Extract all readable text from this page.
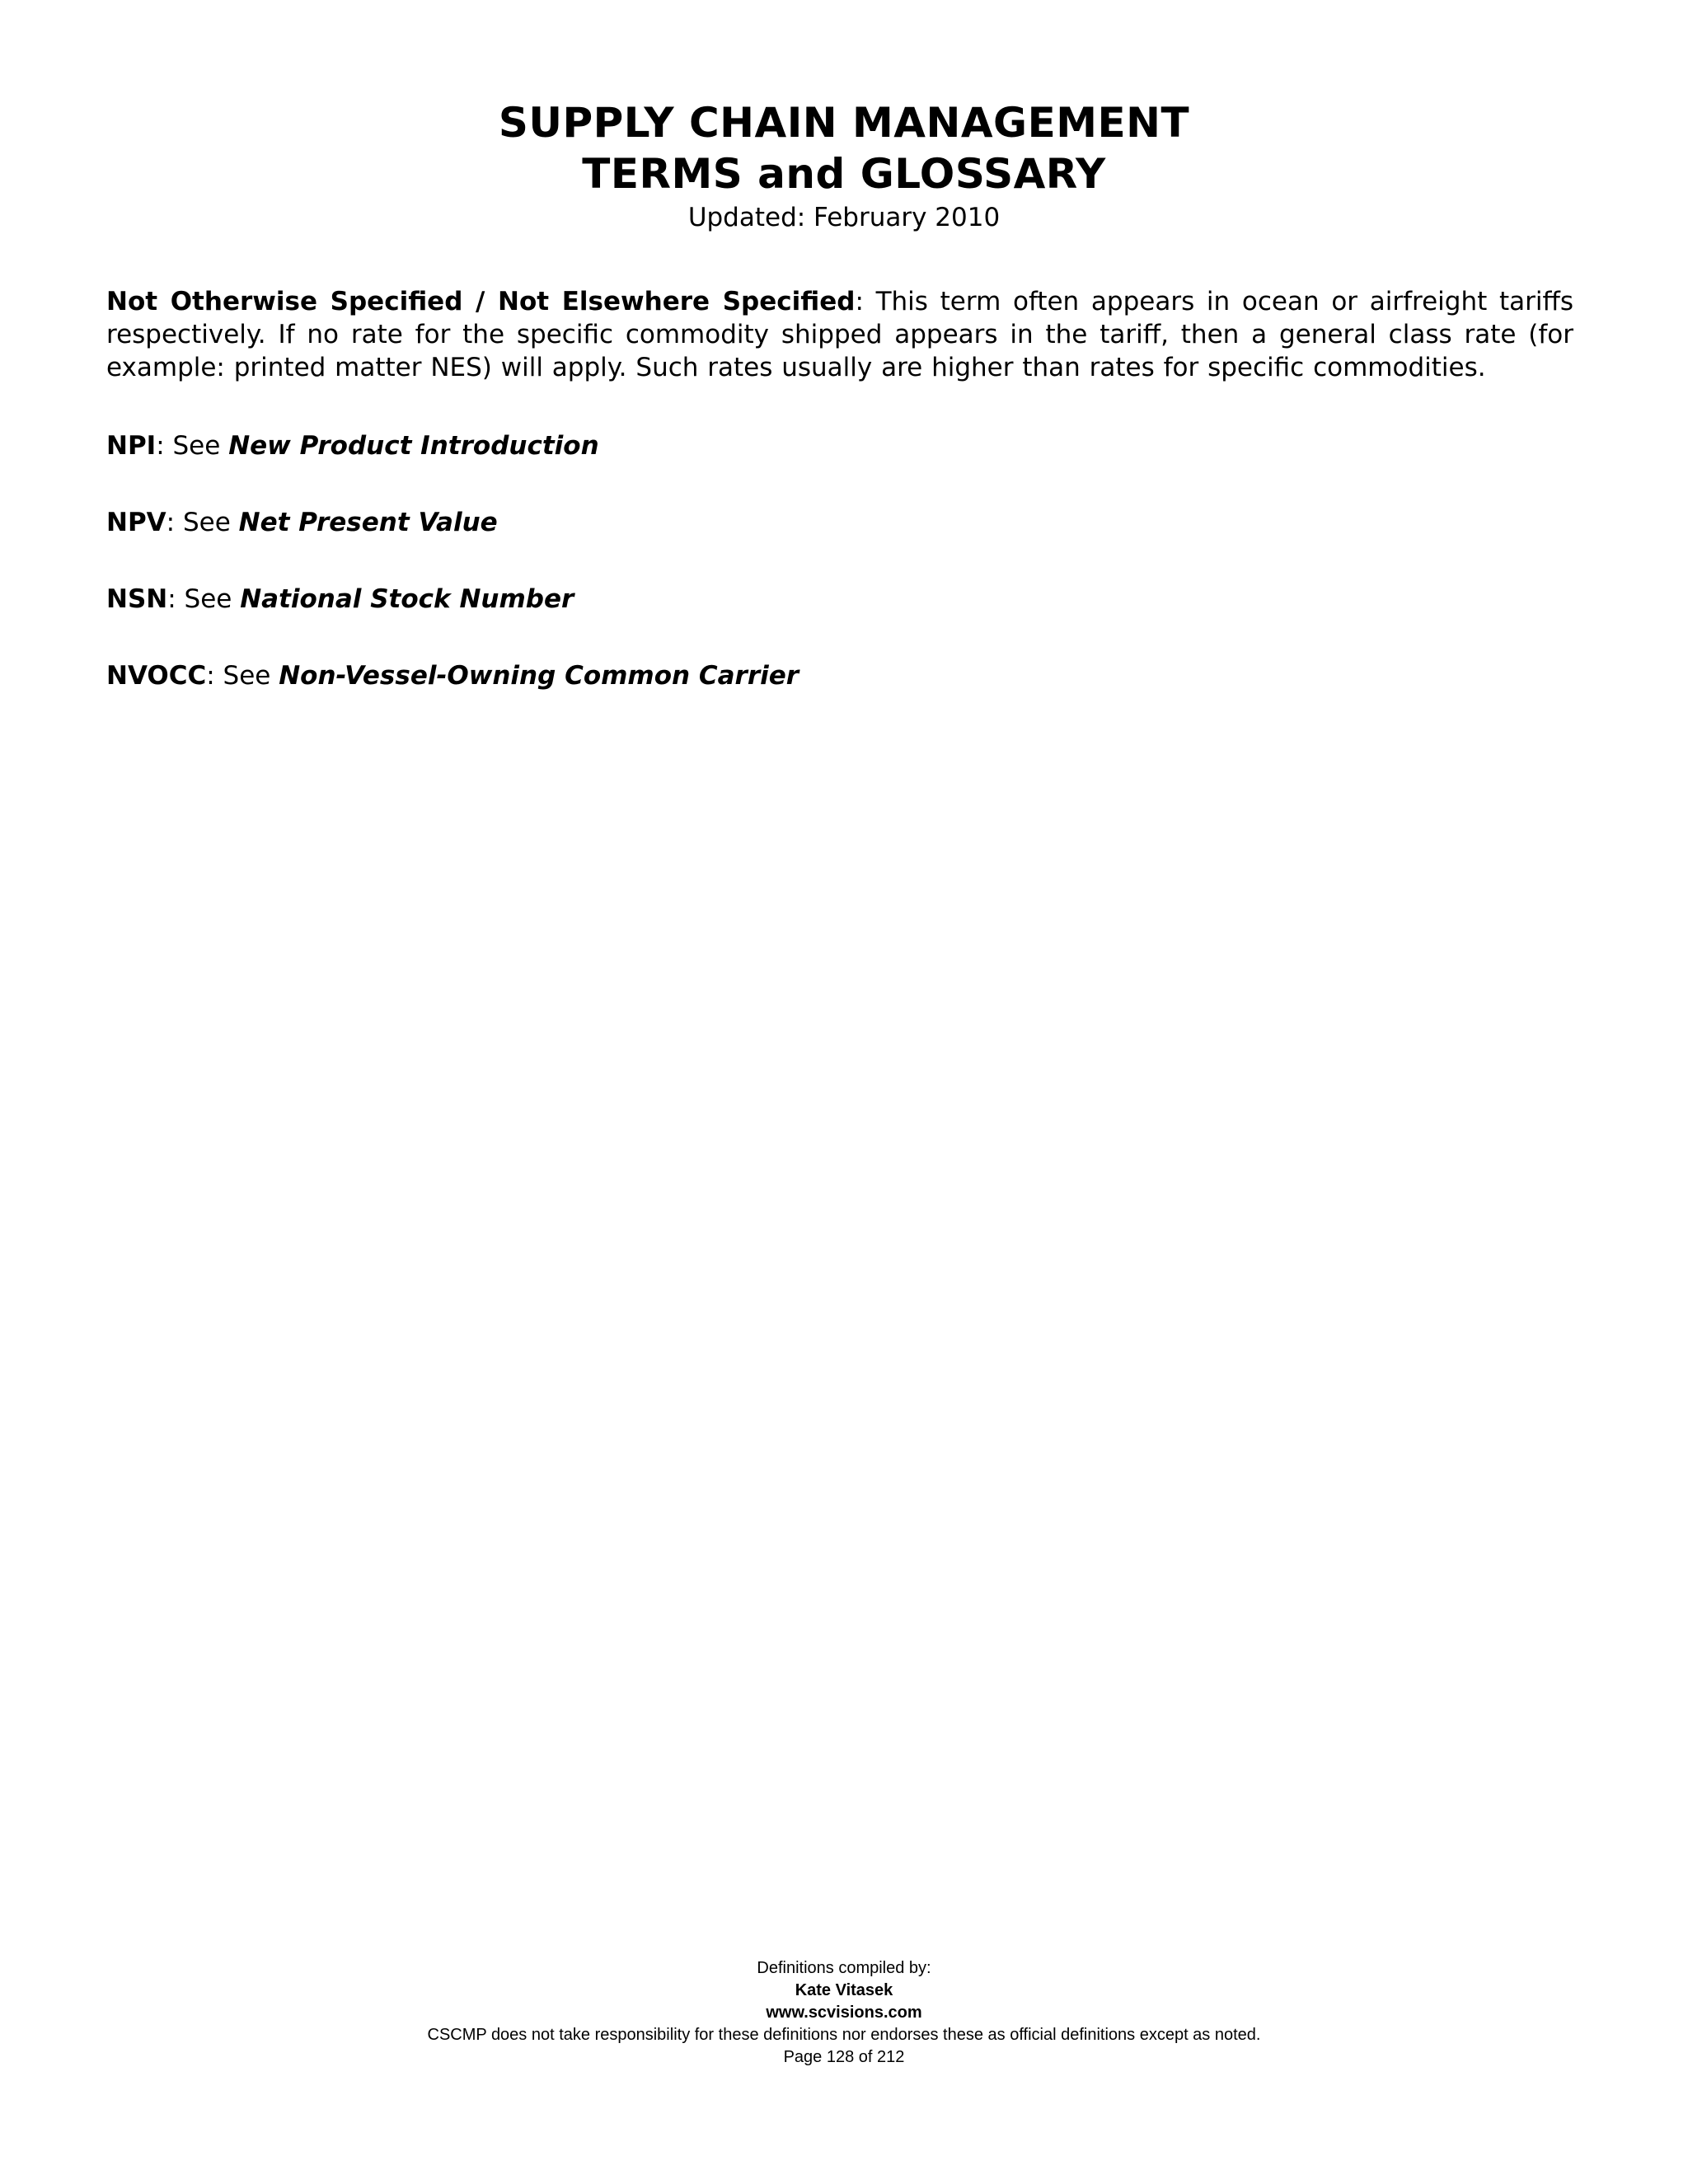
SUPPLY CHAIN MANAGEMENT
TERMS and GLOSSARY
Updated: February 2010
Not Otherwise Specified / Not Elsewhere Specified: This term often appears in ocean or airfreight tariffs respectively. If no rate for the specific commodity shipped appears in the tariff, then a general class rate (for example: printed matter NES) will apply. Such rates usually are higher than rates for specific commodities.
NPI: See New Product Introduction
NPV: See Net Present Value
NSN: See National Stock Number
NVOCC: See Non-Vessel-Owning Common Carrier
Definitions compiled by:
Kate Vitasek
www.scvisions.com
CSCMP does not take responsibility for these definitions nor endorses these as official definitions except as noted.
Page 128 of 212
